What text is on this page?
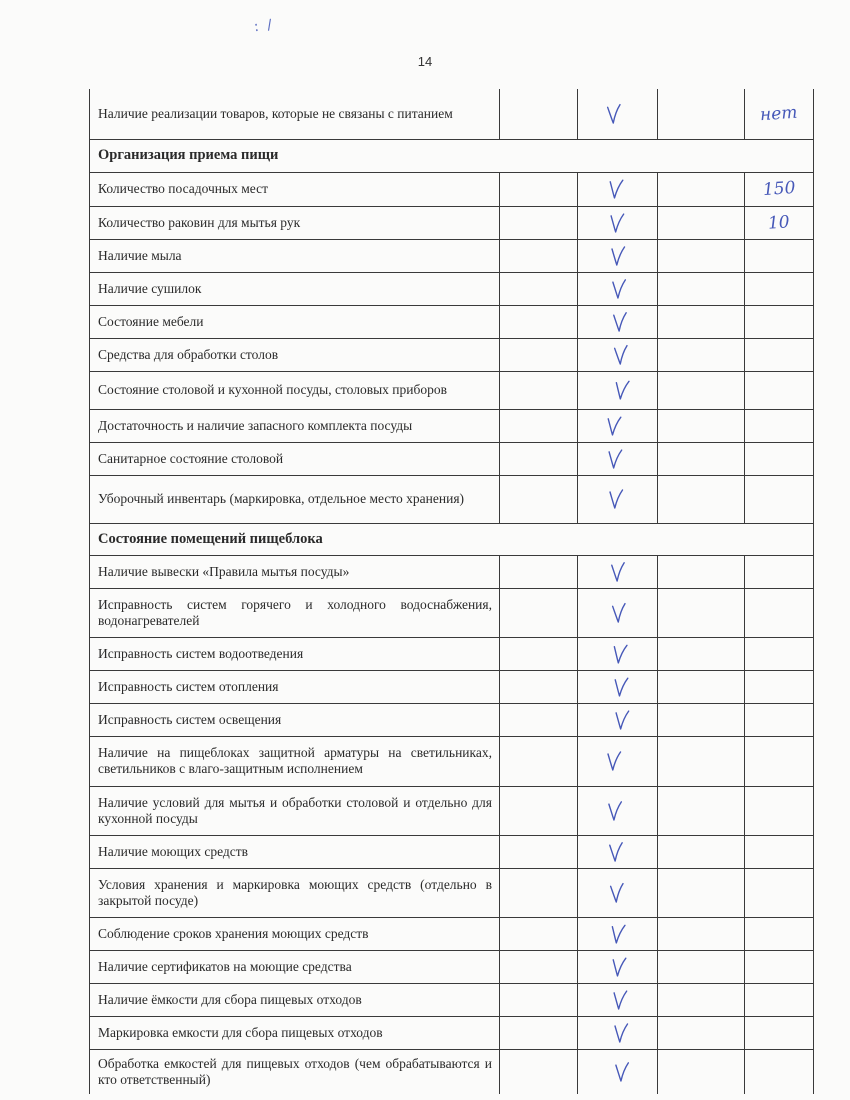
: /
14
Наличие реализации товаров, которые не связаны с питанием				нет
Организация приема пищи				
Количество посадочных мест				150
Количество раковин для мытья рук				10
Наличие мыла		

Наличие сушилок		

Состояние мебели		

Средства для обработки столов		

Состояние столовой и кухонной посуды, столовых приборов		

Достаточность и наличие запасного комплекта посуды		

Санитарное состояние столовой		

Уборочный инвентарь (маркировка, отдельное место хранения)		

Состояние помещений пищеблока				
Наличие вывески «Правила мытья посуды»		

Исправность систем горячего и холодного водоснабжения, водонагревателей		

Исправность систем водоотведения		

Исправность систем отопления		

Исправность систем освещения		

Наличие на пищеблоках защитной арматуры на светильниках, светильников с влаго-защитным исполнением		

Наличие условий для мытья и обработки столовой и отдельно для кухонной посуды		

Наличие моющих средств		

Условия хранения и маркировка моющих средств (отдельно в закрытой посуде)		

Соблюдение сроков хранения моющих средств		

Наличие сертификатов на моющие средства		

Наличие ёмкости для сбора пищевых отходов		

Маркировка емкости для сбора пищевых отходов		

Обработка емкостей для пищевых отходов (чем обрабатываются и кто ответственный)		
